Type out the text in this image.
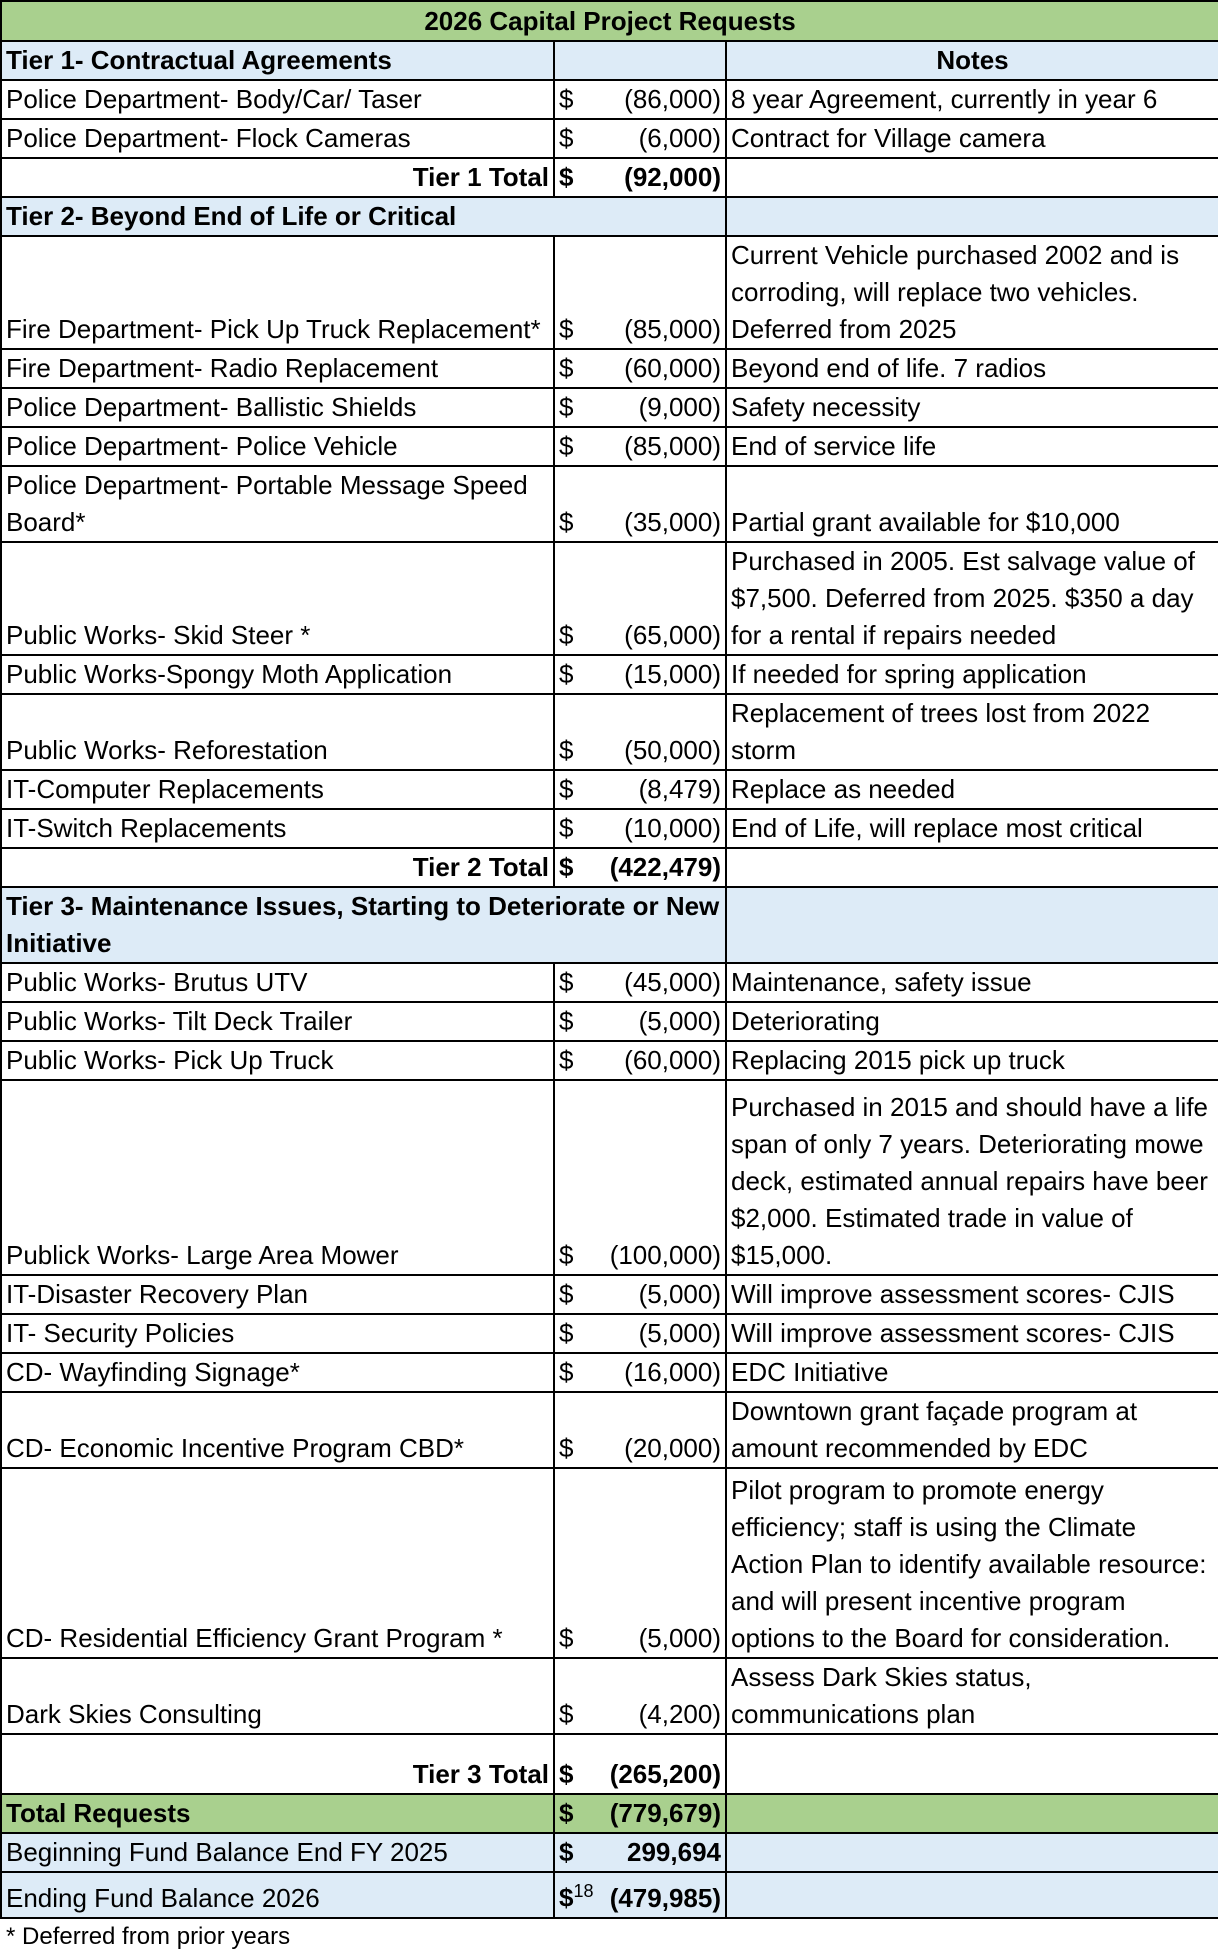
2026 Capital Project Requests		
Tier 1- Contractual Agreements		Notes
Police Department- Body/Car/ Taser	$ (86,000)	8 year Agreement, currently in year 6
Police Department- Flock Cameras	$ (6,000)	Contract for Village camera
Tier 1 Total	$ (92,000)	

Tier 2- Beyond End of Life or Critical		
Fire Department- Pick Up Truck Replacement*	$ (85,000)	Current Vehicle purchased 2002 and is corroding, will replace two vehicles. Deferred from 2025
Fire Department- Radio Replacement	$ (60,000)	Beyond end of life. 7 radios
Police Department- Ballistic Shields	$ (9,000)	Safety necessity
Police Department- Police Vehicle	$ (85,000)	End of service life
Police Department- Portable Message Speed Board*	$ (35,000)	Partial grant available for $10,000
Public Works- Skid Steer *	$ (65,000)	Purchased in 2005. Est salvage value of $7,500. Deferred from 2025. $350 a day for a rental if repairs needed
Public Works-Spongy Moth Application	$ (15,000)	If needed for spring application
Public Works- Reforestation	$ (50,000)	Replacement of trees lost from 2022 storm
IT-Computer Replacements	$ (8,479)	Replace as needed
IT-Switch Replacements	$ (10,000)	End of Life, will replace most critical
Tier 2 Total	$ (422,479)	

Tier 3- Maintenance Issues, Starting to Deteriorate or New Initiative		
Public Works- Brutus UTV	$ (45,000)	Maintenance, safety issue
Public Works- Tilt Deck Trailer	$ (5,000)	Deteriorating
Public Works- Pick Up Truck	$ (60,000)	Replacing 2015 pick up truck
Publick Works- Large Area Mower	$ (100,000)	Purchased in 2015 and should have a life span of only 7 years. Deteriorating mowe deck, estimated annual repairs have beer $2,000. Estimated trade in value of $15,000.
IT-Disaster Recovery Plan	$ (5,000)	Will improve assessment scores- CJIS
IT- Security Policies	$ (5,000)	Will improve assessment scores- CJIS
CD- Wayfinding Signage*	$ (16,000)	EDC Initiative
CD- Economic Incentive Program CBD*	$ (20,000)	Downtown grant façade program at amount recommended by EDC
CD- Residential Efficiency Grant Program *	$ (5,000)	Pilot program to promote energy efficiency; staff is using the Climate Action Plan to identify available resource: and will present incentive program options to the Board for consideration.
Dark Skies Consulting	$ (4,200)	Assess Dark Skies status, communications plan
Tier 3 Total	$ (265,200)	

Total Requests	$ (779,679)	

Beginning Fund Balance End FY 2025	$ 299,694	

Ending Fund Balance 2026	\$$^{18}$ (479,985)	

* Deferred from prior years
